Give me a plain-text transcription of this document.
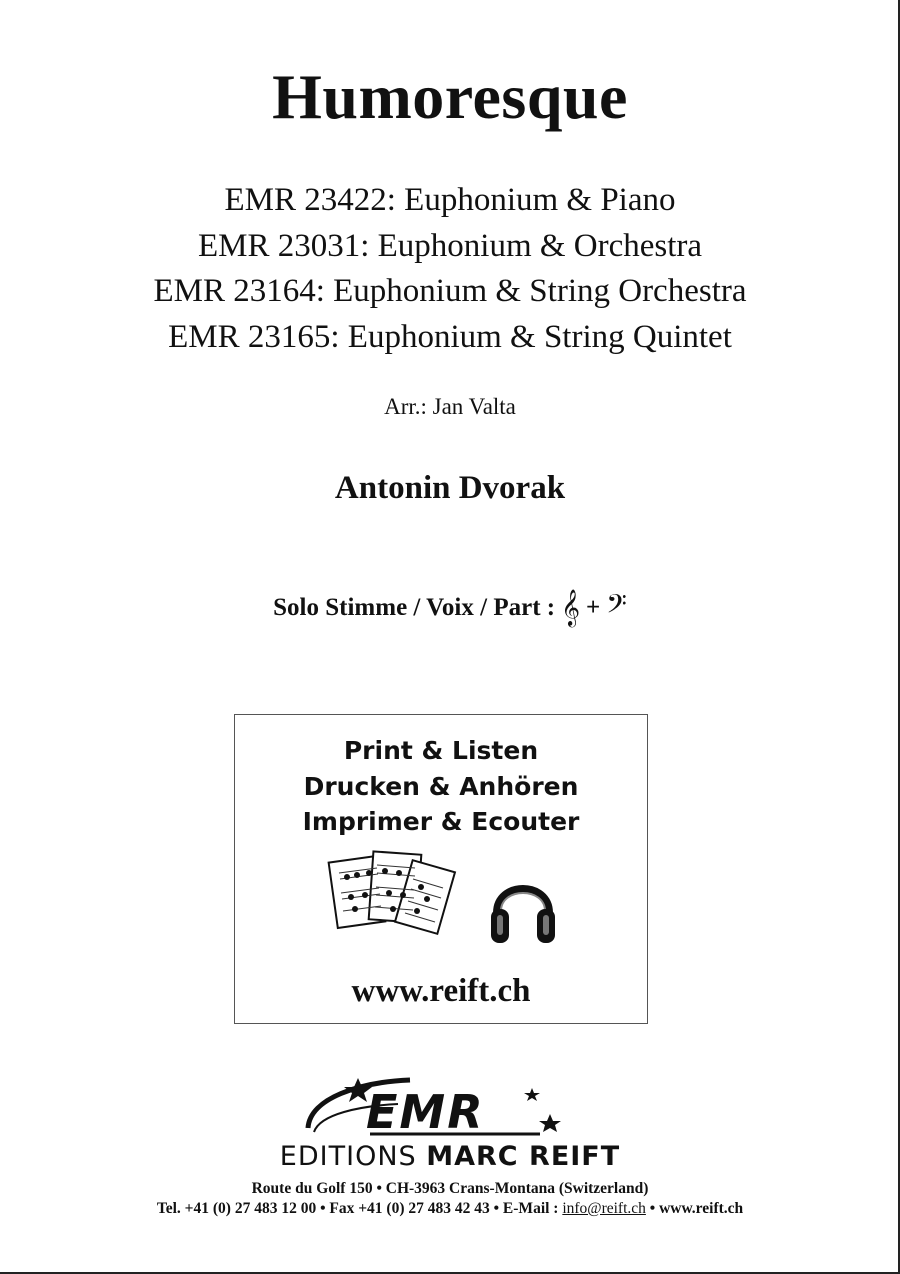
Humoresque
EMR 23422: Euphonium & Piano
EMR 23031: Euphonium & Orchestra
EMR 23164: Euphonium & String Orchestra
EMR 23165: Euphonium & String Quintet
Arr.: Jan Valta
Antonin Dvorak
Solo Stimme / Voix / Part : 𝄞 + 𝄢
Print & Listen
Drucken & Anhören
Imprimer & Ecouter
www.reift.ch
EMR
EDITIONS MARC REIFT
Route du Golf 150 • CH-3963 Crans-Montana (Switzerland)
Tel. +41 (0) 27 483 12 00 • Fax +41 (0) 27 483 42 43 • E-Mail : info@reift.ch • www.reift.ch
